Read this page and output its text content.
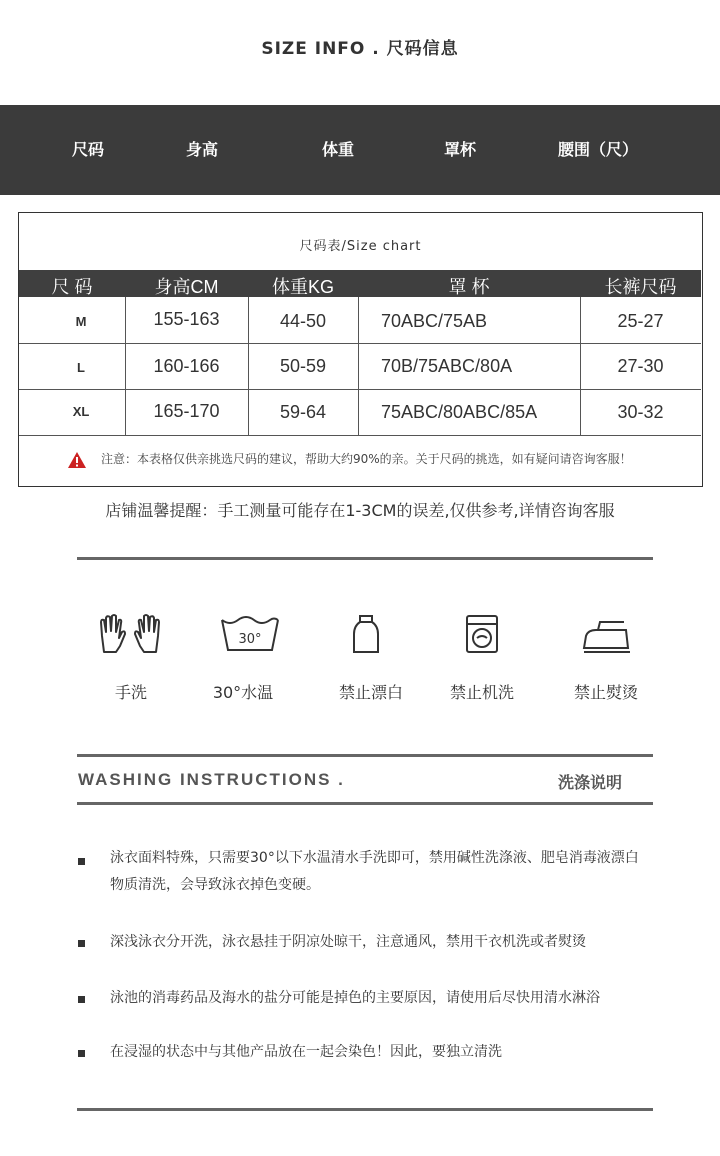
SIZE INFO . 尺码信息
尺码	身高	体重	罩杯	腰围（尺）
尺码表/Size chart
尺 码	身高CM	体重KG	罩 杯	长裤尺码
M	155-163	44-50	70ABC/75AB	25-27
L	160-166	50-59	70B/75ABC/80A	27-30
XL	165-170	59-64	75ABC/80ABC/85A	30-32
注意：本表格仅供亲挑选尺码的建议，帮助大约90%的亲。关于尺码的挑选，如有疑问请咨询客服！
店铺温馨提醒：手工测量可能存在1-3CM的误差,仅供参考,详情咨询客服
30°
手洗	30°水温	禁止漂白	禁止机洗	禁止熨烫
WASHING INSTRUCTIONS .	洗涤说明
泳衣面料特殊，只需要30°以下水温清水手洗即可，禁用碱性洗涤液、肥皂消毒液漂白物质清洗，会导致泳衣掉色变硬。
深浅泳衣分开洗，泳衣悬挂于阴凉处晾干，注意通风，禁用干衣机洗或者熨烫
泳池的消毒药品及海水的盐分可能是掉色的主要原因，请使用后尽快用清水淋浴
在浸湿的状态中与其他产品放在一起会染色！因此，要独立清洗
